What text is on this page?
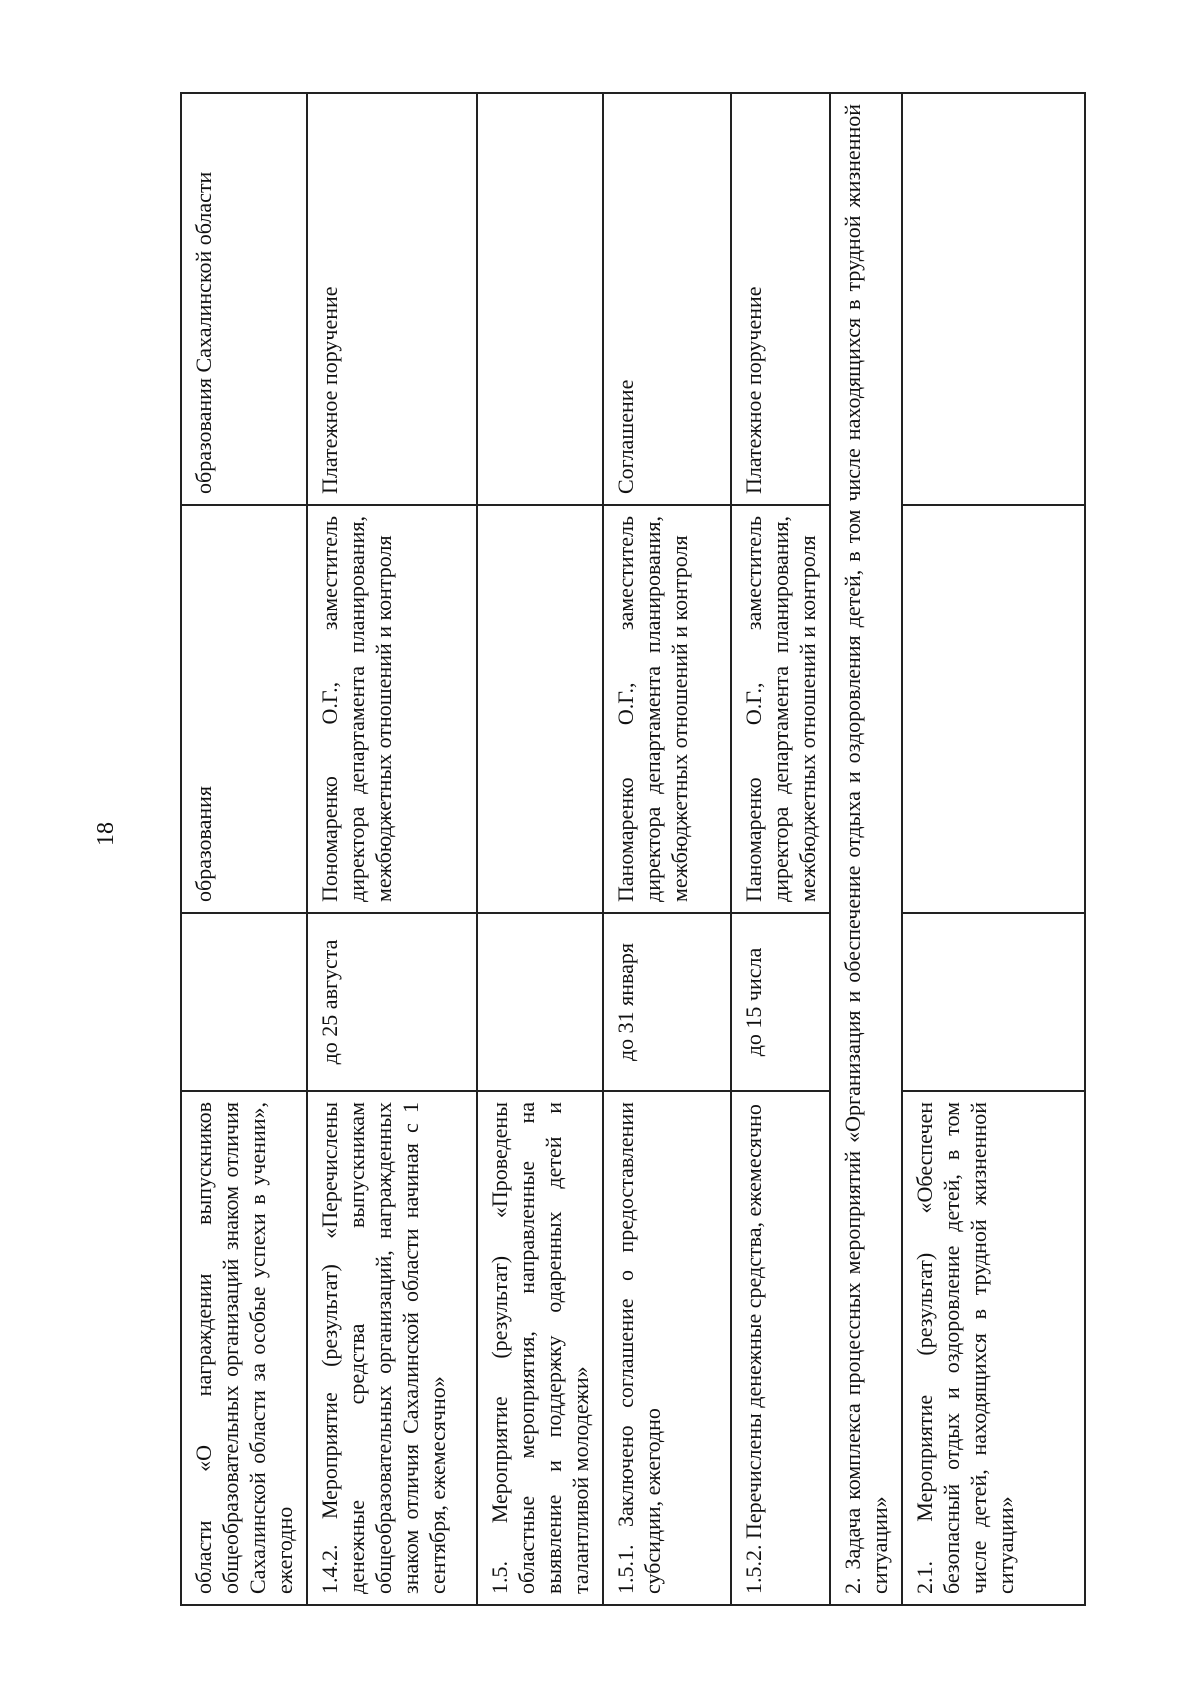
18
области «О награждении выпускников общеобразовательных организаций знаком отличия Сахалинской области за особые успехи в учении», ежегодно		образования	образования Сахалинской области
1.4.2. Мероприятие (результат) «Перечислены денежные средства выпускникам общеобразовательных организаций, награжденных знаком отличия Сахалинской области начиная с 1 сентября, ежемесячно»	до 25 августа	Пономаренко О.Г., заместитель директора департамента планирования, межбюджетных отношений и контроля	Платежное поручение
1.5. Мероприятие (результат) «Проведены областные мероприятия, направленные на выявление и поддержку одаренных детей и талантливой молодежи»			
1.5.1. Заключено соглашение о предоставлении субсидии, ежегодно	до 31 января	Паномаренко О.Г., заместитель директора департамента планирования, межбюджетных отношений и контроля	Соглашение
1.5.2. Перечислены денежные средства, ежемесячно	до 15 числа	Паномаренко О.Г., заместитель директора департамента планирования, межбюджетных отношений и контроля	Платежное поручение
2. Задача комплекса процессных мероприятий «Организация и обеспечение отдыха и оздоровления детей, в том числе находящихся в трудной жизненной ситуации»			
2.1. Мероприятие (результат) «Обеспечен безопасный отдых и оздоровление детей, в том числе детей, находящихся в трудной жизненной ситуации»			
